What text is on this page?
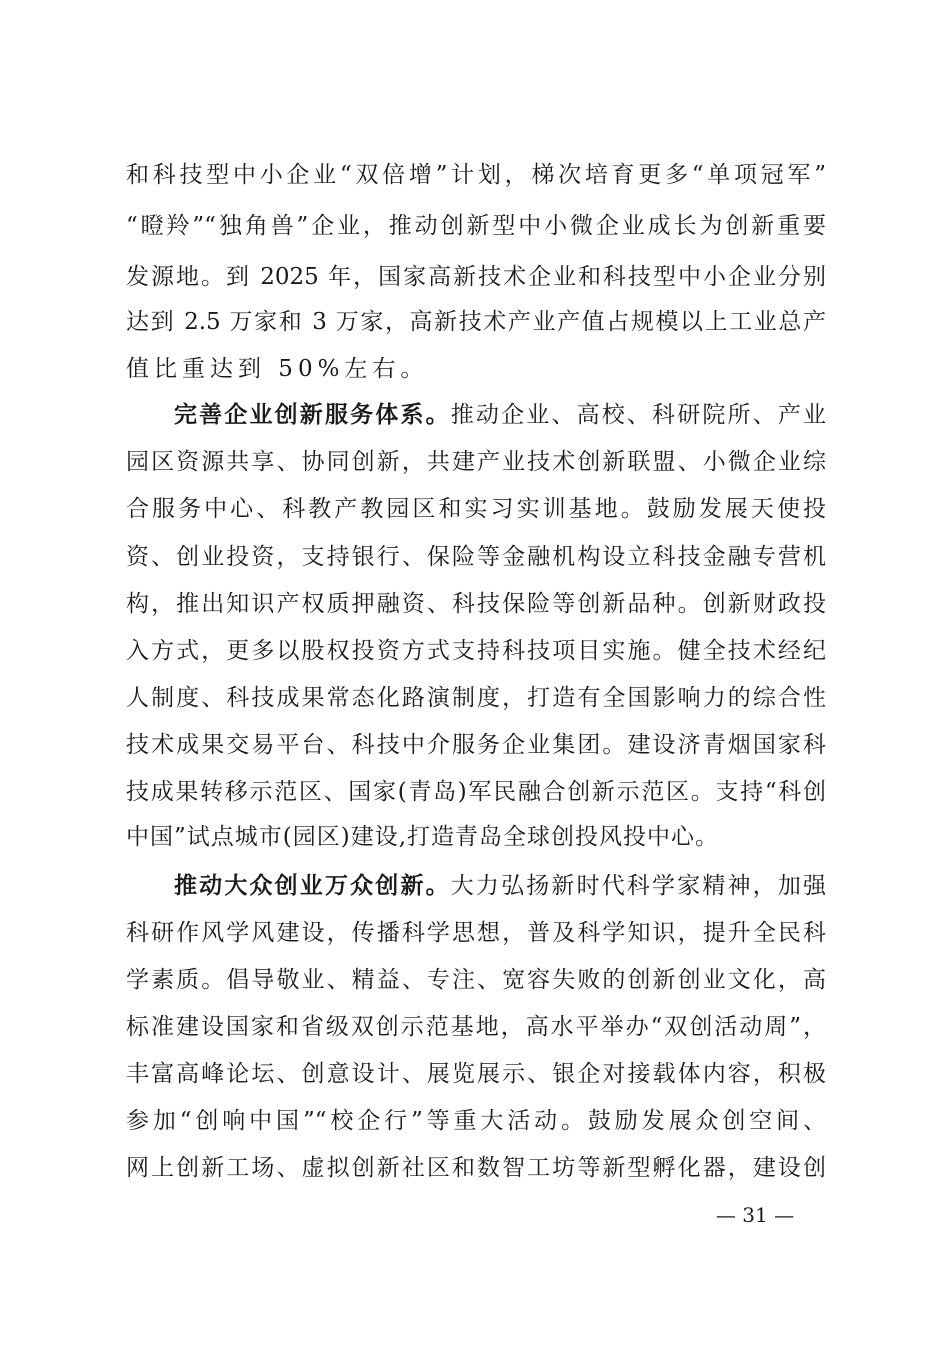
和科技型中小企业“双倍增”计划，梯次培育更多“单项冠军”
“瞪羚”“独角兽”企业，推动创新型中小微企业成长为创新重要
发源地。到 2025 年，国家高新技术企业和科技型中小企业分别
达到 2.5 万家和 3 万家，高新技术产业产值占规模以上工业总产
值比重达到 50%左右。
完善企业创新服务体系。推动企业、高校、科研院所、产业
园区资源共享、协同创新，共建产业技术创新联盟、小微企业综
合服务中心、科教产教园区和实习实训基地。鼓励发展天使投
资、创业投资，支持银行、保险等金融机构设立科技金融专营机
构，推出知识产权质押融资、科技保险等创新品种。创新财政投
入方式，更多以股权投资方式支持科技项目实施。健全技术经纪
人制度、科技成果常态化路演制度，打造有全国影响力的综合性
技术成果交易平台、科技中介服务企业集团。建设济青烟国家科
技成果转移示范区、国家(青岛)军民融合创新示范区。支持“科创
中国”试点城市(园区)建设,打造青岛全球创投风投中心。
推动大众创业万众创新。大力弘扬新时代科学家精神，加强
科研作风学风建设，传播科学思想，普及科学知识，提升全民科
学素质。倡导敬业、精益、专注、宽容失败的创新创业文化，高
标准建设国家和省级双创示范基地，高水平举办“双创活动周”，
丰富高峰论坛、创意设计、展览展示、银企对接载体内容，积极
参加“创响中国”“校企行”等重大活动。鼓励发展众创空间、
网上创新工场、虚拟创新社区和数智工坊等新型孵化器，建设创
— 31 —
